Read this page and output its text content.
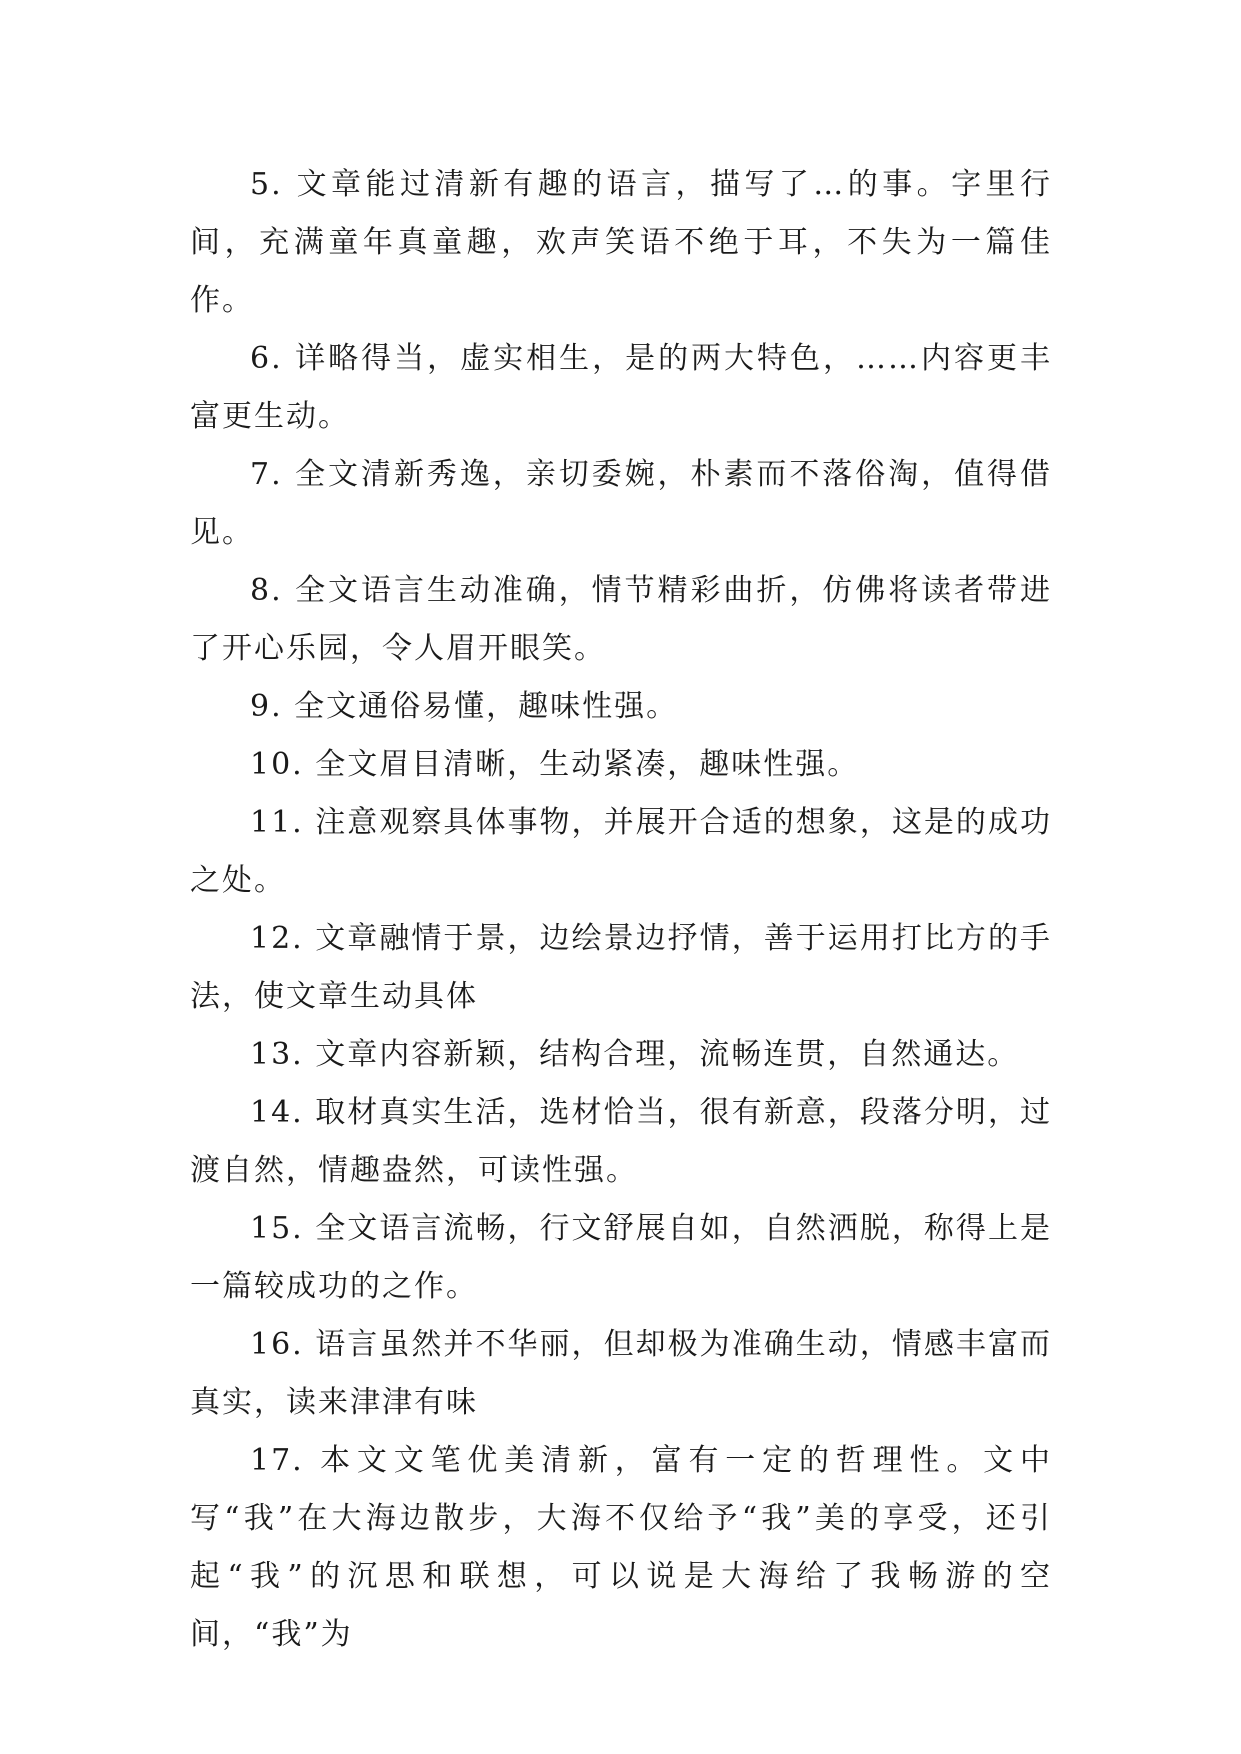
5. 文章能过清新有趣的语言，描写了…的事。字里行间，充满童年真童趣，欢声笑语不绝于耳，不失为一篇佳作。

6. 详略得当，虚实相生，是的两大特色，……内容更丰富更生动。

7. 全文清新秀逸，亲切委婉，朴素而不落俗淘，值得借见。

8. 全文语言生动准确，情节精彩曲折，仿佛将读者带进了开心乐园，令人眉开眼笑。

9. 全文通俗易懂，趣味性强。

10. 全文眉目清晰，生动紧凑，趣味性强。

11. 注意观察具体事物，并展开合适的想象，这是的成功之处。

12. 文章融情于景，边绘景边抒情，善于运用打比方的手法，使文章生动具体

13. 文章内容新颖，结构合理，流畅连贯，自然通达。

14. 取材真实生活，选材恰当，很有新意，段落分明，过渡自然，情趣盎然，可读性强。

15. 全文语言流畅，行文舒展自如，自然洒脱，称得上是一篇较成功的之作。

16. 语言虽然并不华丽，但却极为准确生动，情感丰富而真实，读来津津有味

17. 本文文笔优美清新，富有一定的哲理性。文中写“我”在大海边散步，大海不仅给予“我”美的享受，还引起“我”的沉思和联想，可以说是大海给了我畅游的空间，“我”为
